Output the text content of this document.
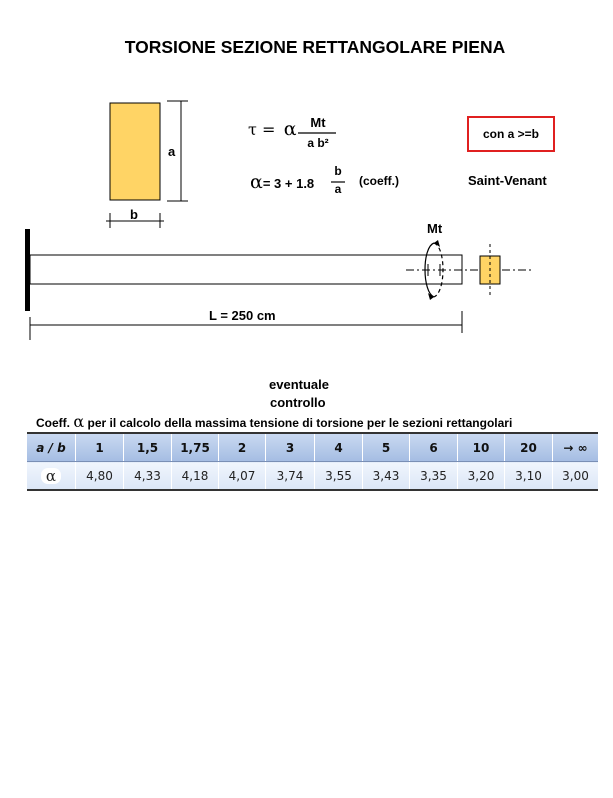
TORSIONE SEZIONE RETTANGOLARE PIENA
a
b
τ = α	Mt
a b²
α= 3 + 1.8
b
a
(coeff.)
con a >=b
Saint-Venant
Mt
L = 250 cm
eventuale
controllo
Coeff. α per il calcolo della massima tensione di torsione per le sezioni rettangolari
a / b	1	1,5	1,75	2	3	4	5	6	10	20	→ ∞
α	4,80	4,33	4,18	4,07	3,74	3,55	3,43	3,35	3,20	3,10	3,00
